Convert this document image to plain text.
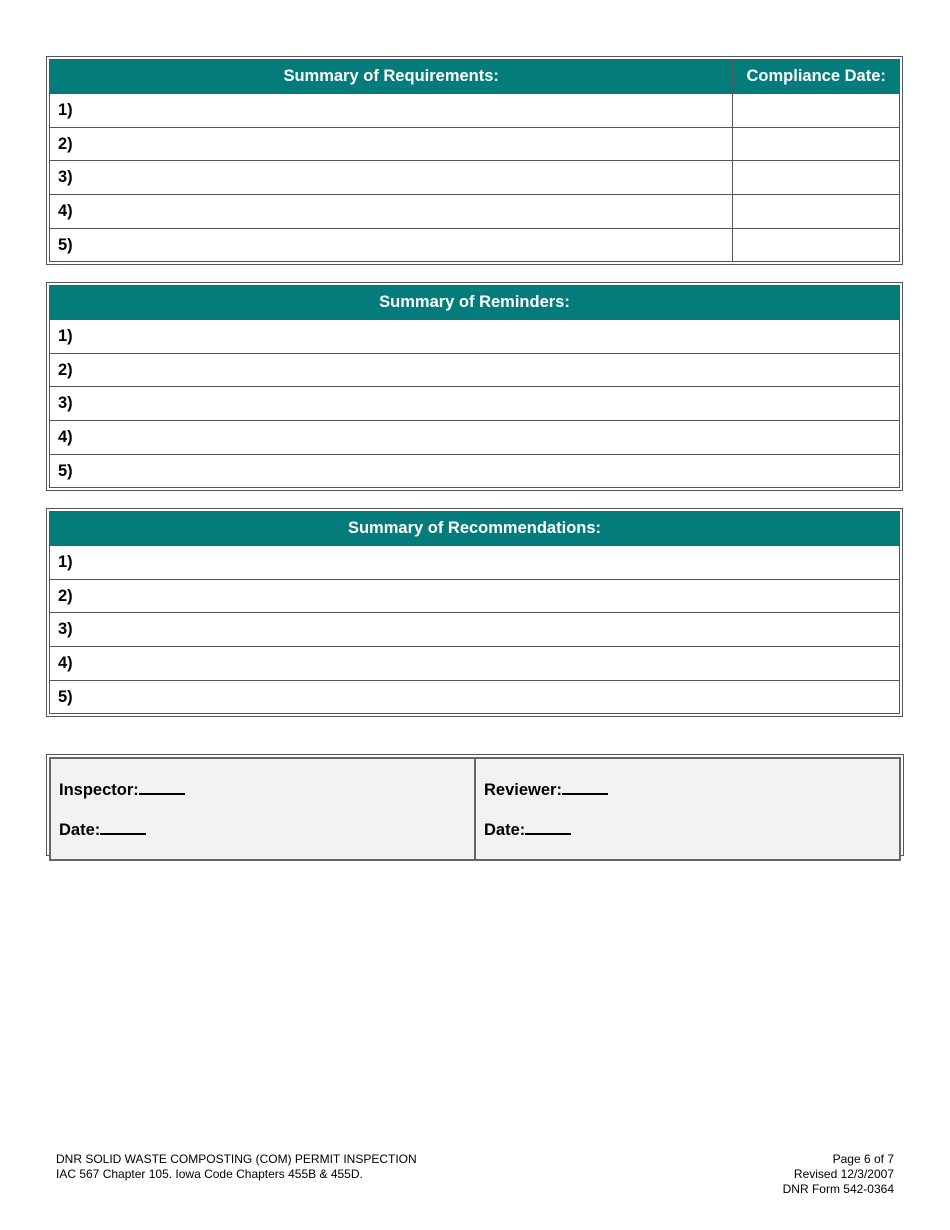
Summary of Requirements:	Compliance Date:
1)	
2)	
3)	
4)	
5)	
Summary of Reminders:
1)
2)
3)
4)
5)
Summary of Recommendations:
1)
2)
3)
4)
5)
Inspector:
Date:

Reviewer:
Date:
DNR SOLID WASTE COMPOSTING (COM) PERMIT INSPECTION
IAC 567 Chapter 105. Iowa Code Chapters 455B & 455D.
Page 6 of 7
Revised 12/3/2007
DNR Form 542-0364
